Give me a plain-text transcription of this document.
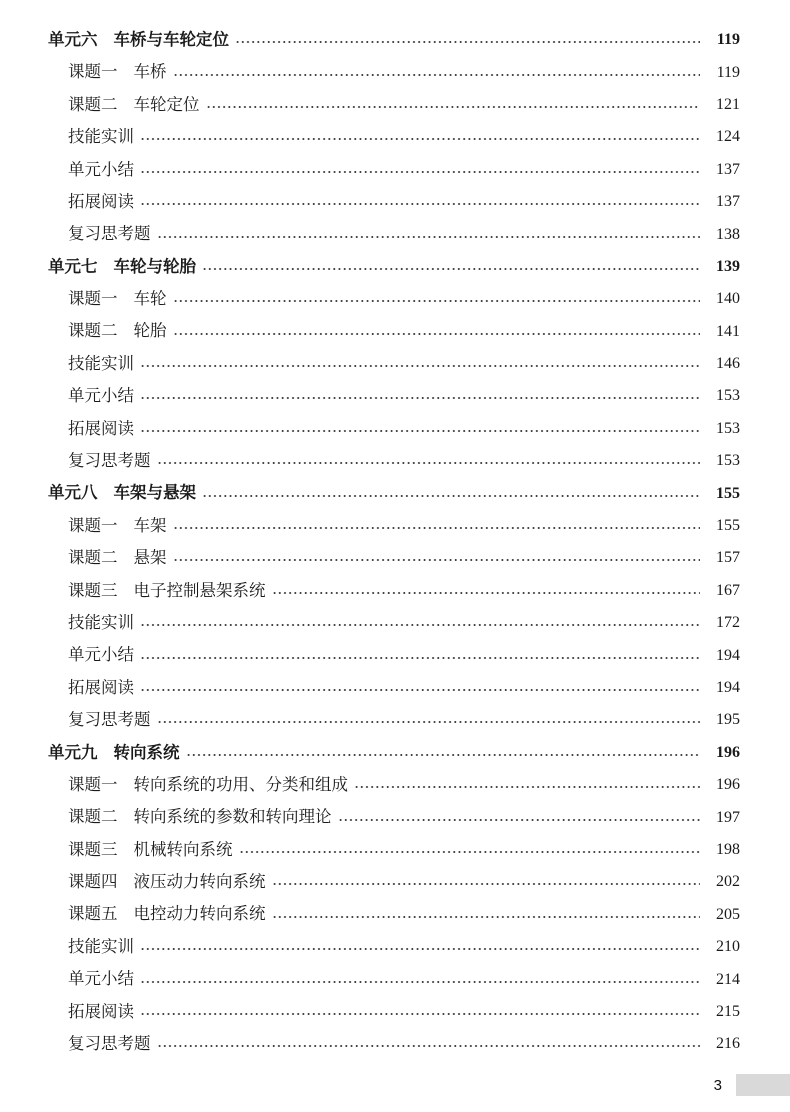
单元六 车桥与车轮定位	119
课题一 车桥	119
课题二 车轮定位	121
技能实训	124
单元小结	137
拓展阅读	137
复习思考题	138
单元七 车轮与轮胎	139
课题一 车轮	140
课题二 轮胎	141
技能实训	146
单元小结	153
拓展阅读	153
复习思考题	153
单元八 车架与悬架	155
课题一 车架	155
课题二 悬架	157
课题三 电子控制悬架系统	167
技能实训	172
单元小结	194
拓展阅读	194
复习思考题	195
单元九 转向系统	196
课题一 转向系统的功用、分类和组成	196
课题二 转向系统的参数和转向理论	197
课题三 机械转向系统	198
课题四 液压动力转向系统	202
课题五 电控动力转向系统	205
技能实训	210
单元小结	214
拓展阅读	215
复习思考题	216
3
